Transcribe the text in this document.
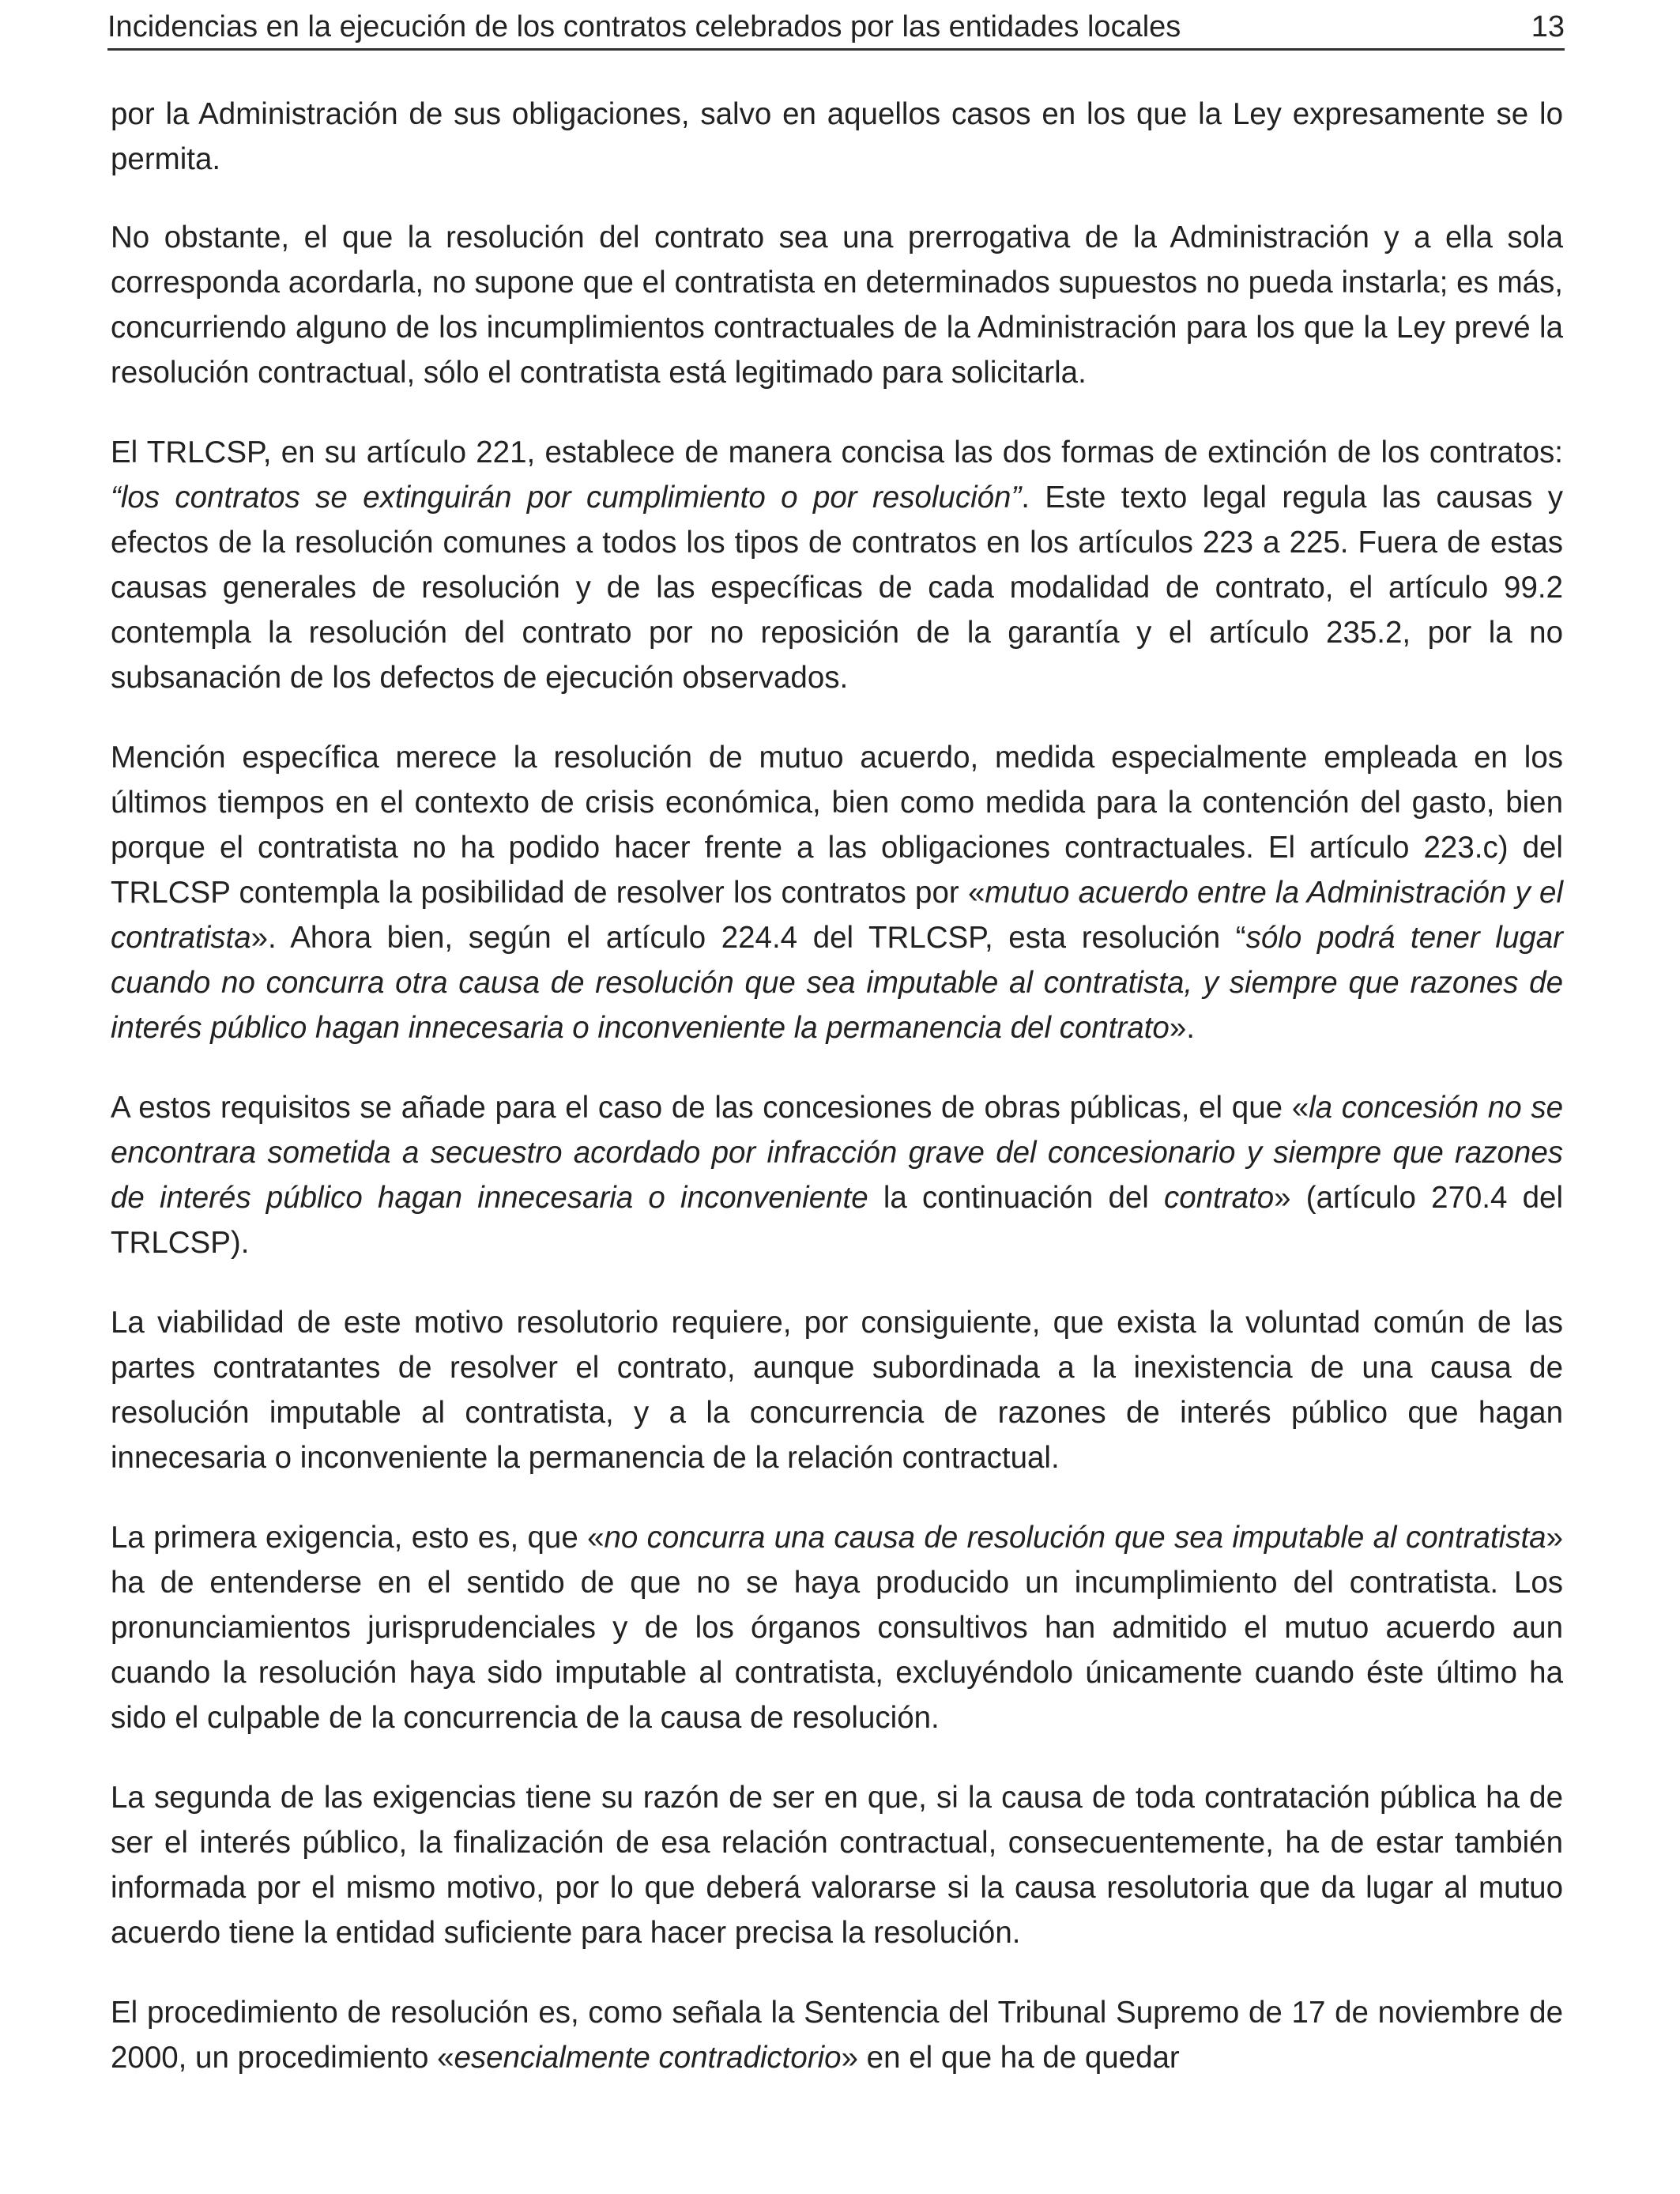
Incidencias en la ejecución de los contratos celebrados por las entidades locales	13

por la Administración de sus obligaciones, salvo en aquellos casos en los que la Ley expresamente se lo permita.

No obstante, el que la resolución del contrato sea una prerrogativa de la Administración y a ella sola corresponda acordarla, no supone que el contratista en determinados supuestos no pueda instarla; es más, concurriendo alguno de los incumplimientos contractuales de la Administración para los que la Ley prevé la resolución contractual, sólo el contratista está legitimado para solicitarla.

El TRLCSP, en su artículo 221, establece de manera concisa las dos formas de extinción de los contratos: “los contratos se extinguirán por cumplimiento o por resolución”. Este texto legal regula las causas y efectos de la resolución comunes a todos los tipos de contratos en los artículos 223 a 225. Fuera de estas causas generales de resolución y de las específicas de cada modalidad de contrato, el artículo 99.2 contempla la resolución del contrato por no reposición de la garantía y el artículo 235.2, por la no subsanación de los defectos de ejecución observados.

Mención específica merece la resolución de mutuo acuerdo, medida especialmente empleada en los últimos tiempos en el contexto de crisis económica, bien como medida para la contención del gasto, bien porque el contratista no ha podido hacer frente a las obligaciones contractuales. El artículo 223.c) del TRLCSP contempla la posibilidad de resolver los contratos por «mutuo acuerdo entre la Administración y el contratista». Ahora bien, según el artículo 224.4 del TRLCSP, esta resolución “sólo podrá tener lugar cuando no concurra otra causa de resolución que sea imputable al contratista, y siempre que razones de interés público hagan innecesaria o inconveniente la permanencia del contrato».

A estos requisitos se añade para el caso de las concesiones de obras públicas, el que «la concesión no se encontrara sometida a secuestro acordado por infracción grave del concesionario y siempre que razones de interés público hagan innecesaria o inconveniente la continuación del contrato» (artículo 270.4 del TRLCSP).

La viabilidad de este motivo resolutorio requiere, por consiguiente, que exista la voluntad común de las partes contratantes de resolver el contrato, aunque subordinada a la inexistencia de una causa de resolución imputable al contratista, y a la concurrencia de razones de interés público que hagan innecesaria o inconveniente la permanencia de la relación contractual.

La primera exigencia, esto es, que «no concurra una causa de resolución que sea imputable al contratista» ha de entenderse en el sentido de que no se haya producido un incumplimiento del contratista. Los pronunciamientos jurisprudenciales y de los órganos consultivos han admitido el mutuo acuerdo aun cuando la resolución haya sido imputable al contratista, excluyéndolo únicamente cuando éste último ha sido el culpable de la concurrencia de la causa de resolución.

La segunda de las exigencias tiene su razón de ser en que, si la causa de toda contratación pública ha de ser el interés público, la finalización de esa relación contractual, consecuentemente, ha de estar también informada por el mismo motivo, por lo que deberá valorarse si la causa resolutoria que da lugar al mutuo acuerdo tiene la entidad suficiente para hacer precisa la resolución.

El procedimiento de resolución es, como señala la Sentencia del Tribunal Supremo de 17 de noviembre de 2000, un procedimiento «esencialmente contradictorio» en el que ha de quedar
